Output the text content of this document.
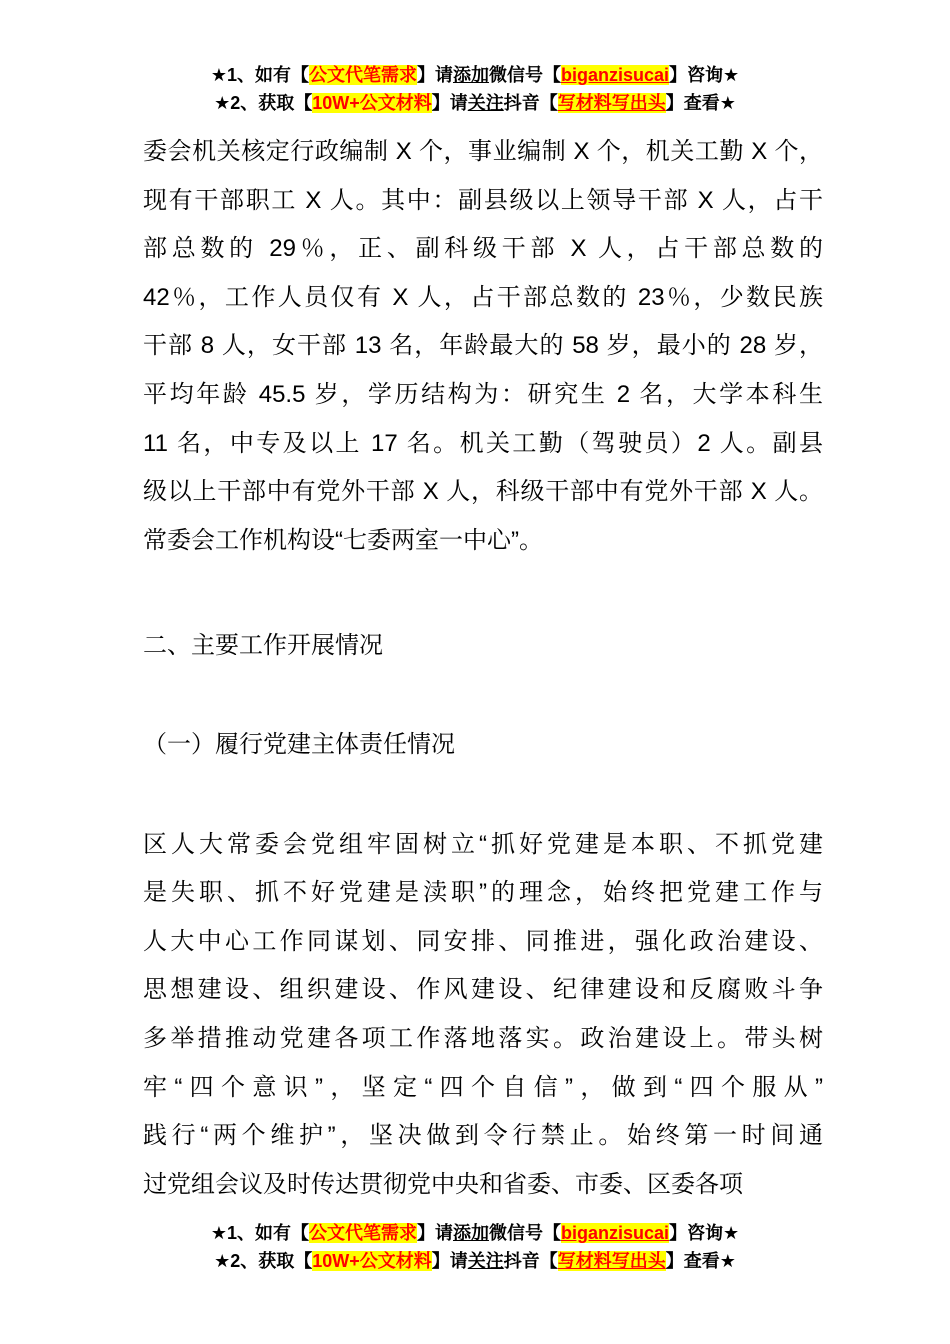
★1、如有【公文代笔需求】请添加微信号【biganzisucai】咨询★
★2、获取【10W+公文材料】请关注抖音【写材料写出头】查看★
委会机关核定行政编制 X 个，事业编制 X 个，机关工勤 X 个，
现有干部职工 X 人。其中：副县级以上领导干部 X 人，占干
部总数的 29％，正、副科级干部 X 人，占干部总数的
42％，工作人员仅有 X 人，占干部总数的 23％，少数民族
干部 8 人，女干部 13 名，年龄最大的 58 岁，最小的 28 岁，
平均年龄 45.5 岁，学历结构为：研究生 2 名，大学本科生
11 名，中专及以上 17 名。机关工勤（驾驶员）2 人。副县
级以上干部中有党外干部 X 人，科级干部中有党外干部 X 人。
常委会工作机构设“七委两室一中心”。
二、主要工作开展情况
（一）履行党建主体责任情况
区人大常委会党组牢固树立“抓好党建是本职、不抓党建
是失职、抓不好党建是渎职”的理念，始终把党建工作与
人大中心工作同谋划、同安排、同推进，强化政治建设、
思想建设、组织建设、作风建设、纪律建设和反腐败斗争
多举措推动党建各项工作落地落实。政治建设上。带头树
牢“四个意识”，坚定“四个自信”，做到“四个服从”
践行“两个维护”，坚决做到令行禁止。始终第一时间通
过党组会议及时传达贯彻党中央和省委、市委、区委各项
★1、如有【公文代笔需求】请添加微信号【biganzisucai】咨询★
★2、获取【10W+公文材料】请关注抖音【写材料写出头】查看★
